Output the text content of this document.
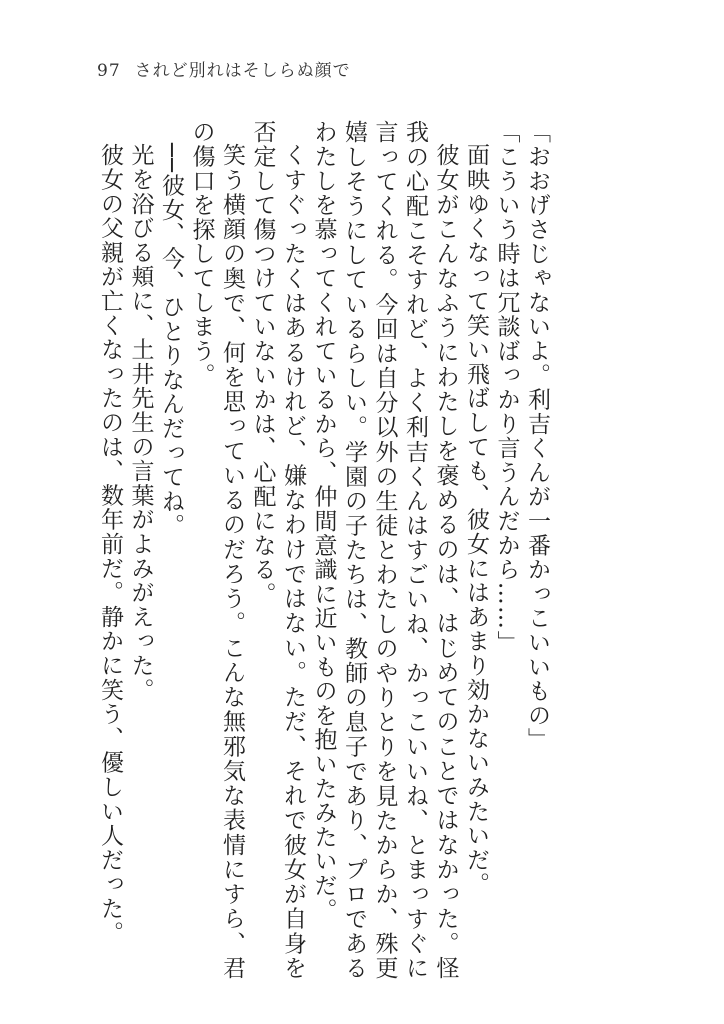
97 されど別れはそしらぬ顔で

「おおげさじゃないよ。利吉くんが一番かっこいいもの」

「こういう時は冗談ばっかり言うんだから……」

面映ゆくなって笑い飛ばしても、彼女にはあまり効かないみたいだ。

彼女がこんなふうにわたしを褒めるのは、はじめてのことではなかった。怪我の心配こそすれど、よく利吉くんはすごいね、かっこいいね、とまっすぐに言ってくれる。今回は自分以外の生徒とわたしのやりとりを見たからか、殊更嬉しそうにしているらしい。学園の子たちは、教師の息子であり、プロであるわたしを慕ってくれているから、仲間意識に近いものを抱いたみたいだ。

くすぐったくはあるけれど、嫌なわけではない。ただ、それで彼女が自身を否定して傷つけていないかは、心配になる。

笑う横顔の奥で、何を思っているのだろう。こんな無邪気な表情にすら、君の傷口を探してしまう。

──彼女、今、ひとりなんだってね。

光を浴びる頬に、土井先生の言葉がよみがえった。

彼女の父親が亡くなったのは、数年前だ。静かに笑う、優しい人だった。
